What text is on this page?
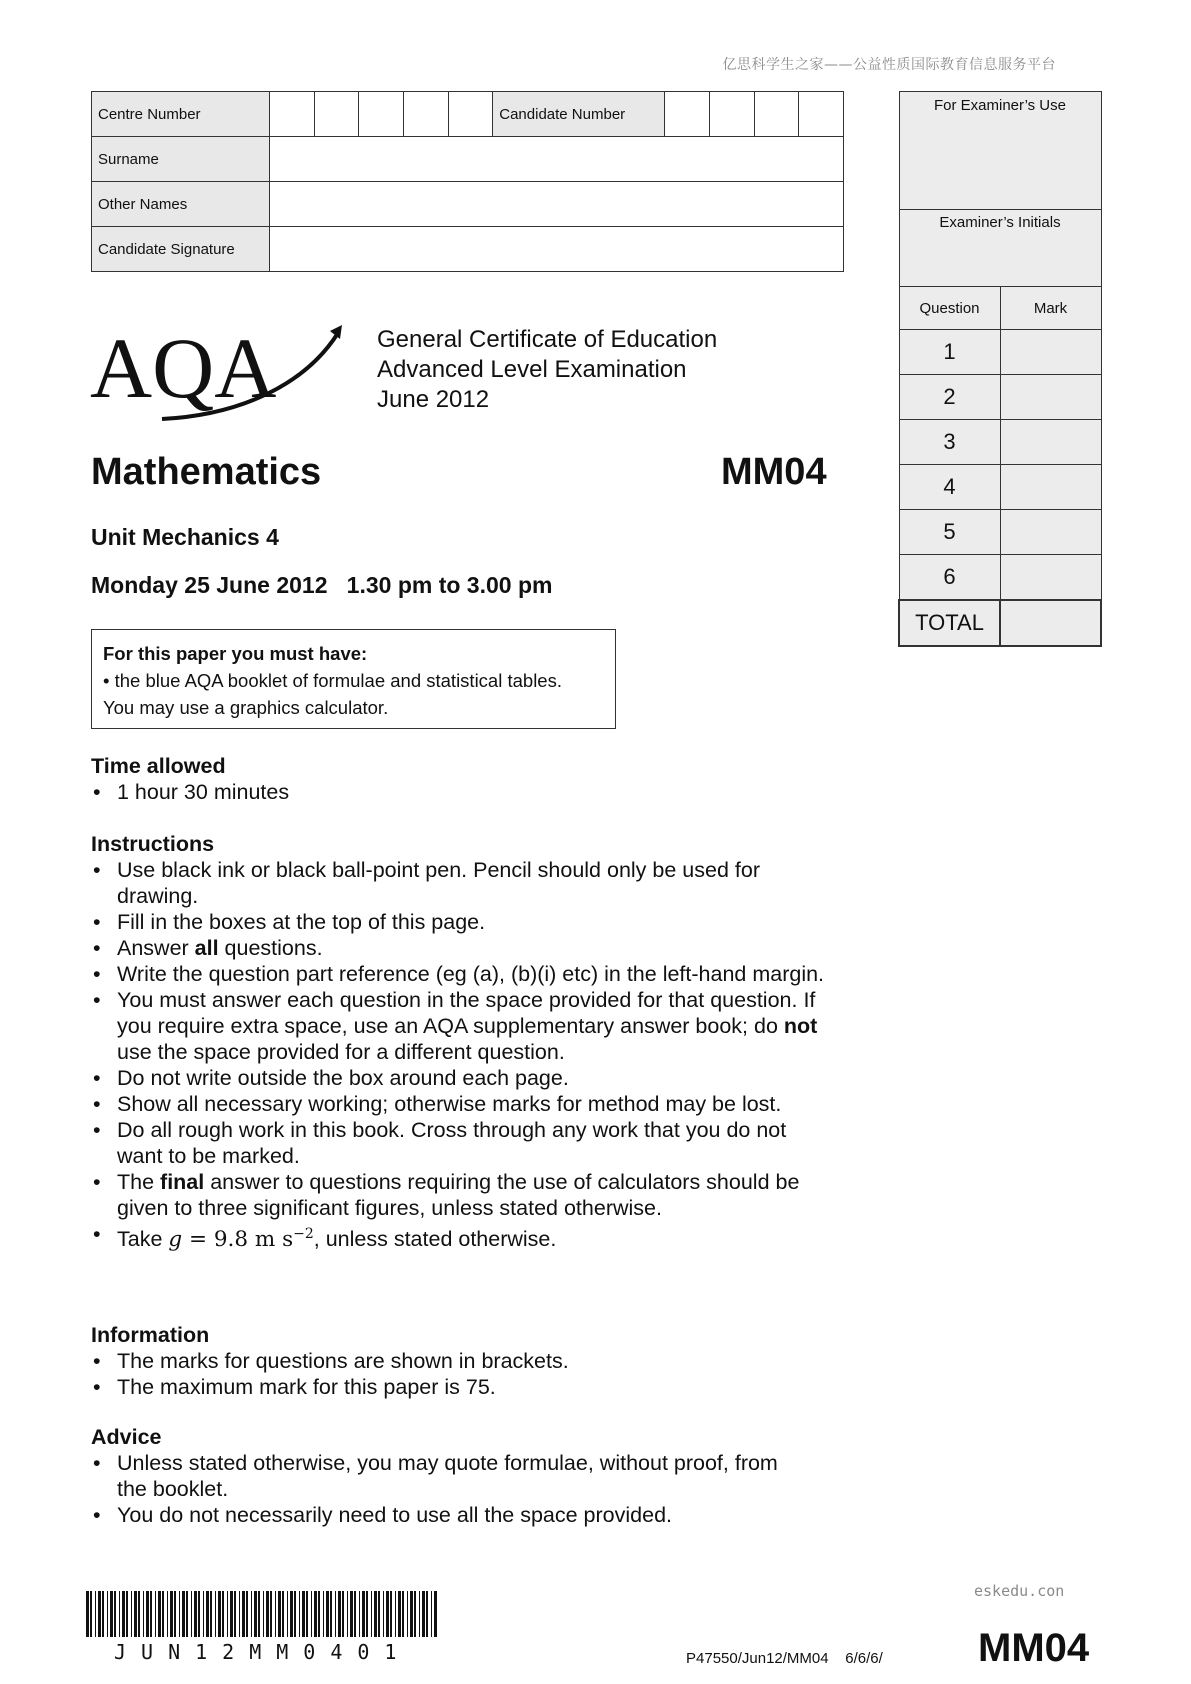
亿思科学生之家——公益性质国际教育信息服务平台
Centre Number						Candidate Number				
Surname										
Other Names										
Candidate Signature										
For Examiner’s Use	
Examiner’s Initials	
Question	Mark
1	
2	
3	
4	
5	
6	
TOTAL	
AQA	General Certificate of Education
Advanced Level Examination
June 2012
Mathematics	MM04
Unit Mechanics 4
Monday 25 June 2012   1.30 pm to 3.00 pm
For this paper you must have:
• the blue AQA booklet of formulae and statistical tables.
You may use a graphics calculator.
Time allowed
• 1 hour 30 minutes
Instructions
• Use black ink or black ball-point pen. Pencil should only be used for drawing.
• Fill in the boxes at the top of this page.
• Answer all questions.
• Write the question part reference (eg (a), (b)(i) etc) in the left-hand margin.
• You must answer each question in the space provided for that question. If you require extra space, use an AQA supplementary answer book; do not use the space provided for a different question.
• Do not write outside the box around each page.
• Show all necessary working; otherwise marks for method may be lost.
• Do all rough work in this book. Cross through any work that you do not want to be marked.
• The final answer to questions requiring the use of calculators should be given to three significant figures, unless stated otherwise.
• Take g = 9.8 m $s^{-2}$, unless stated otherwise.
Information
• The marks for questions are shown in brackets.
• The maximum mark for this paper is 75.
Advice
• Unless stated otherwise, you may quote formulae, without proof, from the booklet.
• You do not necessarily need to use all the space provided.
eskedu.con
JUN12MM0401	P47550/Jun12/MM04    6/6/6/ MM04
